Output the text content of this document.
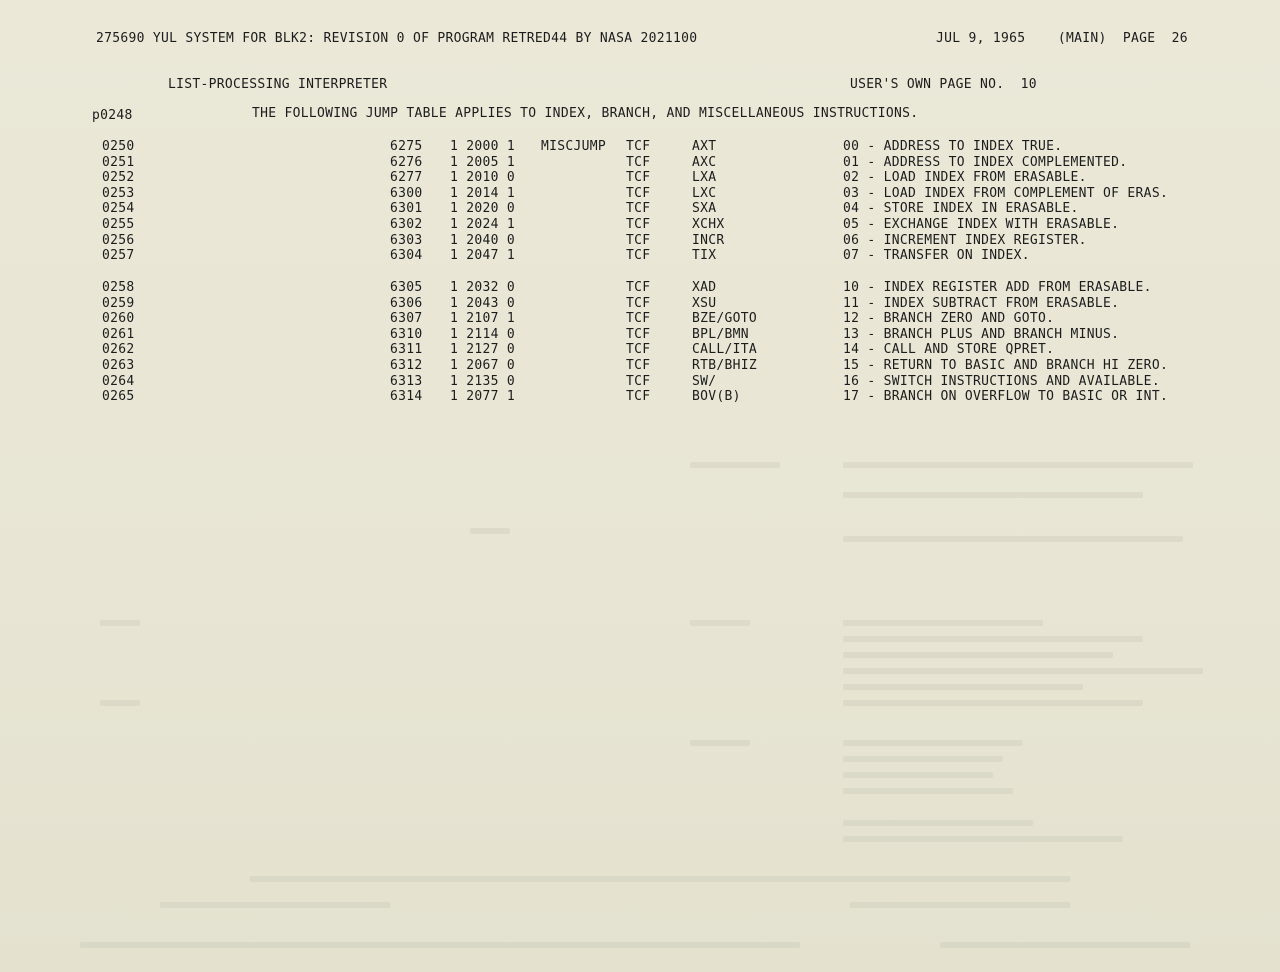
275690 YUL SYSTEM FOR BLK2: REVISION 0 OF PROGRAM RETRED44 BY NASA 2021100	JUL 9, 1965    (MAIN)  PAGE  26
LIST-PROCESSING INTERPRETER	USER'S OWN PAGE NO.  10
p0248	THE FOLLOWING JUMP TABLE APPLIES TO INDEX, BRANCH, AND MISCELLANEOUS INSTRUCTIONS.
0250	6275 1 2000 1 MISCJUMP TCF	AXT	00 - ADDRESS TO INDEX TRUE.
0251	6276 1 2005 1	TCF	AXC	01 - ADDRESS TO INDEX COMPLEMENTED.
0252	6277 1 2010 0	TCF	LXA	02 - LOAD INDEX FROM ERASABLE.
0253	6300 1 2014 1	TCF	LXC	03 - LOAD INDEX FROM COMPLEMENT OF ERAS.
0254	6301 1 2020 0	TCF	SXA	04 - STORE INDEX IN ERASABLE.
0255	6302 1 2024 1	TCF	XCHX	05 - EXCHANGE INDEX WITH ERASABLE.
0256	6303 1 2040 0	TCF	INCR	06 - INCREMENT INDEX REGISTER.
0257	6304 1 2047 1	TCF	TIX	07 - TRANSFER ON INDEX.
0258	6305 1 2032 0	TCF	XAD	10 - INDEX REGISTER ADD FROM ERASABLE.
0259	6306 1 2043 0	TCF	XSU	11 - INDEX SUBTRACT FROM ERASABLE.
0260	6307 1 2107 1	TCF	BZE/GOTO	12 - BRANCH ZERO AND GOTO.
0261	6310 1 2114 0	TCF	BPL/BMN	13 - BRANCH PLUS AND BRANCH MINUS.
0262	6311 1 2127 0	TCF	CALL/ITA	14 - CALL AND STORE QPRET.
0263	6312 1 2067 0	TCF	RTB/BHIZ	15 - RETURN TO BASIC AND BRANCH HI ZERO.
0264	6313 1 2135 0	TCF	SW/	16 - SWITCH INSTRUCTIONS AND AVAILABLE.
0265	6314 1 2077 1	TCF	BOV(B)	17 - BRANCH ON OVERFLOW TO BASIC OR INT.
